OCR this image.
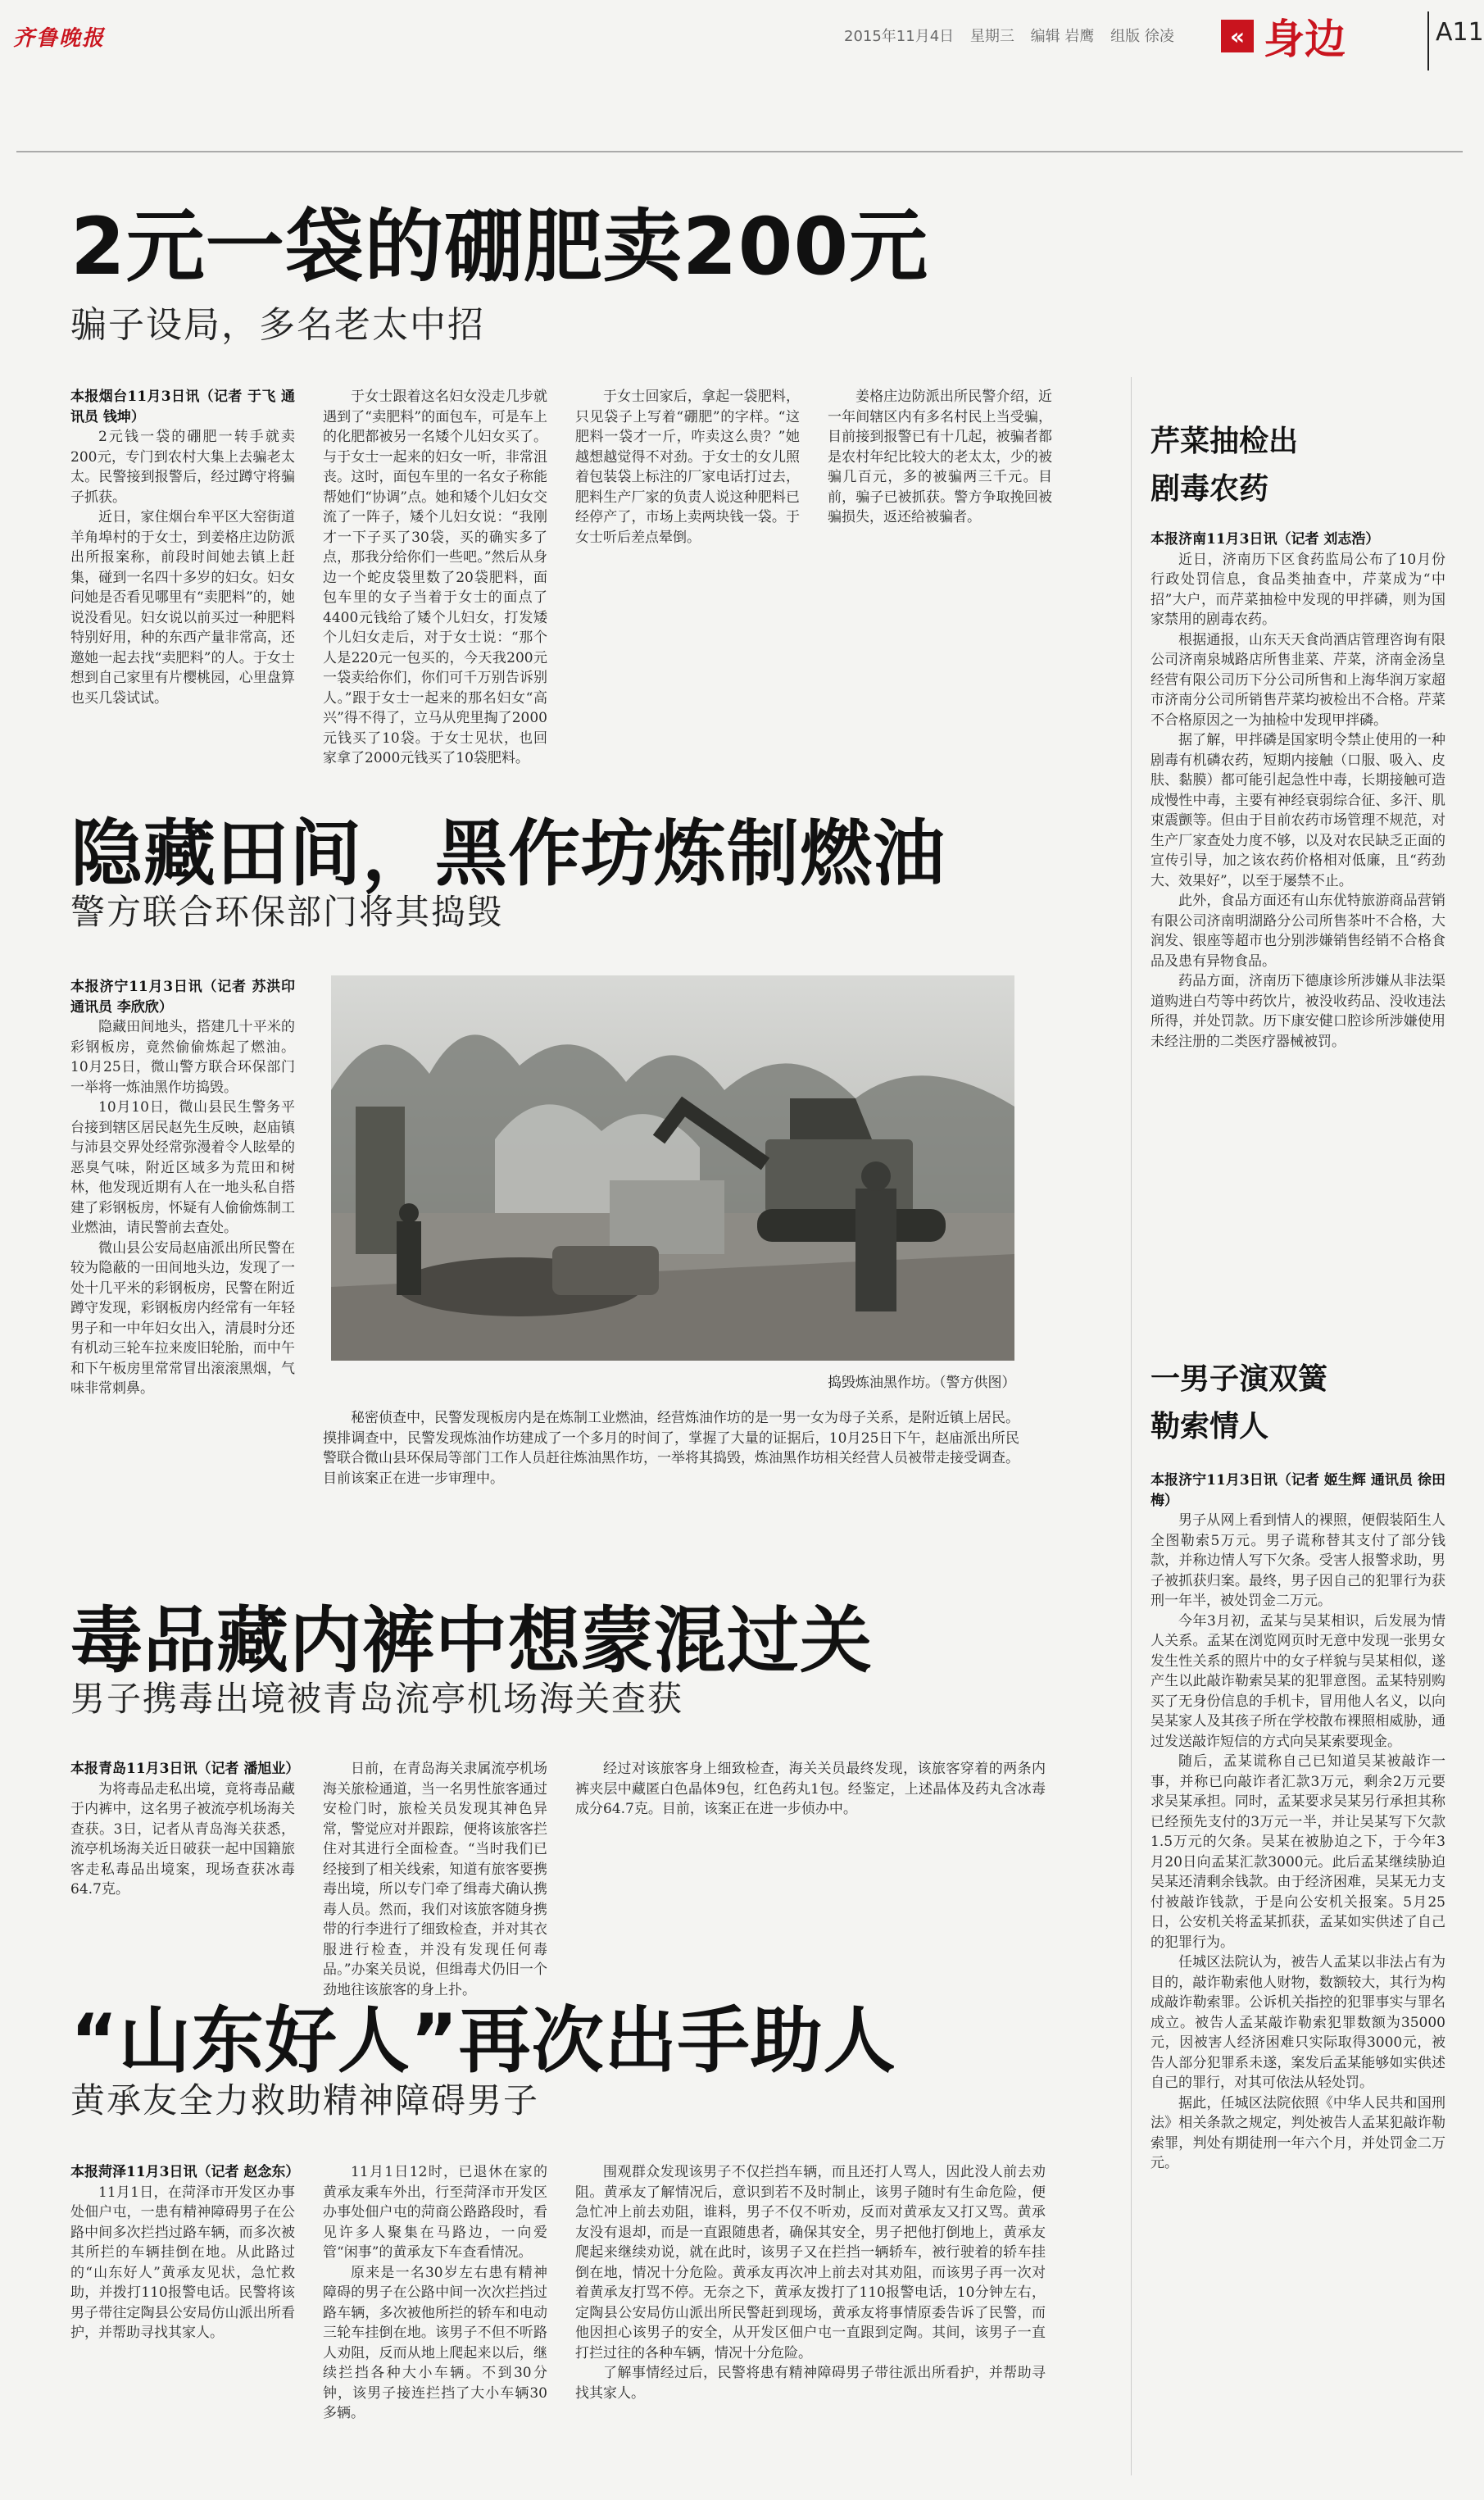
齐鲁晚报	2015年11月4日 星期三 编辑 岩鹰 组版 徐凌	« 身边	A11
2元一袋的硼肥卖200元
骗子设局，多名老太中招

本报烟台11月3日讯（记者 于飞 通讯员 钱坤）

2元钱一袋的硼肥一转手就卖200元，专门到农村大集上去骗老太太。民警接到报警后，经过蹲守将骗子抓获。

近日，家住烟台牟平区大窑街道羊角埠村的于女士，到姜格庄边防派出所报案称，前段时间她去镇上赶集，碰到一名四十多岁的妇女。妇女问她是否看见哪里有“卖肥料”的，她说没看见。妇女说以前买过一种肥料特别好用，种的东西产量非常高，还邀她一起去找“卖肥料”的人。于女士想到自己家里有片樱桃园，心里盘算也买几袋试试。

于女士跟着这名妇女没走几步就遇到了“卖肥料”的面包车，可是车上的化肥都被另一名矮个儿妇女买了。与于女士一起来的妇女一听，非常沮丧。这时，面包车里的一名女子称能帮她们“协调”点。她和矮个儿妇女交流了一阵子，矮个儿妇女说：“我刚才一下子买了30袋，买的确实多了点，那我分给你们一些吧。”然后从身边一个蛇皮袋里数了20袋肥料，面包车里的女子当着于女士的面点了4400元钱给了矮个儿妇女，打发矮个儿妇女走后，对于女士说：“那个人是220元一包买的，今天我200元一袋卖给你们，你们可千万别告诉别人。”跟于女士一起来的那名妇女“高兴”得不得了，立马从兜里掏了2000元钱买了10袋。于女士见状，也回家拿了2000元钱买了10袋肥料。

于女士回家后，拿起一袋肥料，只见袋子上写着“硼肥”的字样。“这肥料一袋才一斤，咋卖这么贵？”她越想越觉得不对劲。于女士的女儿照着包装袋上标注的厂家电话打过去，肥料生产厂家的负责人说这种肥料已经停产了，市场上卖两块钱一袋。于女士听后差点晕倒。

姜格庄边防派出所民警介绍，近一年间辖区内有多名村民上当受骗，目前接到报警已有十几起，被骗者都是农村年纪比较大的老太太，少的被骗几百元，多的被骗两三千元。目前，骗子已被抓获。警方争取挽回被骗损失，返还给被骗者。

隐藏田间，黑作坊炼制燃油
警方联合环保部门将其捣毁

本报济宁11月3日讯（记者 苏洪印 通讯员 李欣欣）

隐藏田间地头，搭建几十平米的彩钢板房，竟然偷偷炼起了燃油。10月25日，微山警方联合环保部门一举将一炼油黑作坊捣毁。

10月10日，微山县民生警务平台接到辖区居民赵先生反映，赵庙镇与沛县交界处经常弥漫着令人眩晕的恶臭气味，附近区域多为荒田和树林，他发现近期有人在一地头私自搭建了彩钢板房，怀疑有人偷偷炼制工业燃油，请民警前去查处。

微山县公安局赵庙派出所民警在较为隐蔽的一田间地头边，发现了一处十几平米的彩钢板房，民警在附近蹲守发现，彩钢板房内经常有一年轻男子和一中年妇女出入，清晨时分还有机动三轮车拉来废旧轮胎，而中午和下午板房里常常冒出滚滚黑烟，气味非常刺鼻。	捣毁炼油黑作坊。（警方供图）

秘密侦查中，民警发现板房内是在炼制工业燃油，经营炼油作坊的是一男一女为母子关系，是附近镇上居民。摸排调查中，民警发现炼油作坊建成了一个多月的时间了，掌握了大量的证据后，10月25日下午，赵庙派出所民警联合微山县环保局等部门工作人员赶往炼油黑作坊，一举将其捣毁，炼油黑作坊相关经营人员被带走接受调查。目前该案正在进一步审理中。

毒品藏内裤中想蒙混过关
男子携毒出境被青岛流亭机场海关查获

本报青岛11月3日讯（记者 潘旭业）

为将毒品走私出境，竟将毒品藏于内裤中，这名男子被流亭机场海关查获。3日，记者从青岛海关获悉，流亭机场海关近日破获一起中国籍旅客走私毒品出境案，现场查获冰毒64.7克。

日前，在青岛海关隶属流亭机场海关旅检通道，当一名男性旅客通过安检门时，旅检关员发现其神色异常，警觉应对并跟踪，便将该旅客拦住对其进行全面检查。“当时我们已经接到了相关线索，知道有旅客要携毒出境，所以专门牵了缉毒犬确认携毒人员。然而，我们对该旅客随身携带的行李进行了细致检查，并对其衣服进行检查，并没有发现任何毒品。”办案关员说，但缉毒犬仍旧一个劲地往该旅客的身上扑。

经过对该旅客身上细致检查，海关关员最终发现，该旅客穿着的两条内裤夹层中藏匿白色晶体9包，红色药丸1包。经鉴定，上述晶体及药丸含冰毒成分64.7克。目前，该案正在进一步侦办中。

“山东好人”再次出手助人
黄承友全力救助精神障碍男子

本报菏泽11月3日讯（记者 赵念东）

11月1日，在菏泽市开发区办事处佃户屯，一患有精神障碍男子在公路中间多次拦挡过路车辆，而多次被其所拦的车辆挂倒在地。从此路过的“山东好人”黄承友见状，急忙救助，并拨打110报警电话。民警将该男子带往定陶县公安局仿山派出所看护，并帮助寻找其家人。

11月1日12时，已退休在家的黄承友乘车外出，行至菏泽市开发区办事处佃户屯的菏商公路路段时，看见许多人聚集在马路边，一向爱管“闲事”的黄承友下车查看情况。

原来是一名30岁左右患有精神障碍的男子在公路中间一次次拦挡过路车辆，多次被他所拦的轿车和电动三轮车挂倒在地。该男子不但不听路人劝阻，反而从地上爬起来以后，继续拦挡各种大小车辆。不到30分钟，该男子接连拦挡了大小车辆30多辆。

围观群众发现该男子不仅拦挡车辆，而且还打人骂人，因此没人前去劝阻。黄承友了解情况后，意识到若不及时制止，该男子随时有生命危险，便急忙冲上前去劝阻，谁料，男子不仅不听劝，反而对黄承友又打又骂。黄承友没有退却，而是一直跟随患者，确保其安全，男子把他打倒地上，黄承友爬起来继续劝说，就在此时，该男子又在拦挡一辆轿车，被行驶着的轿车挂倒在地，情况十分危险。黄承友再次冲上前去对其劝阻，而该男子再一次对着黄承友打骂不停。无奈之下，黄承友拨打了110报警电话，10分钟左右，定陶县公安局仿山派出所民警赶到现场，黄承友将事情原委告诉了民警，而他因担心该男子的安全，从开发区佃户屯一直跟到定陶。其间，该男子一直打拦过往的各种车辆，情况十分危险。

了解事情经过后，民警将患有精神障碍男子带往派出所看护，并帮助寻找其家人。

芹菜抽检出
剧毒农药

本报济南11月3日讯（记者 刘志浩）

近日，济南历下区食药监局公布了10月份行政处罚信息，食品类抽查中，芹菜成为“中招”大户，而芹菜抽检中发现的甲拌磷，则为国家禁用的剧毒农药。

根据通报，山东天天食尚酒店管理咨询有限公司济南泉城路店所售韭菜、芹菜，济南金汤皇经营有限公司历下分公司所售和上海华润万家超市济南分公司所销售芹菜均被检出不合格。芹菜不合格原因之一为抽检中发现甲拌磷。

据了解，甲拌磷是国家明令禁止使用的一种剧毒有机磷农药，短期内接触（口服、吸入、皮肤、黏膜）都可能引起急性中毒，长期接触可造成慢性中毒，主要有神经衰弱综合征、多汗、肌束震颤等。但由于目前农药市场管理不规范，对生产厂家查处力度不够，以及对农民缺乏正面的宣传引导，加之该农药价格相对低廉，且“药劲大、效果好”，以至于屡禁不止。

此外，食品方面还有山东优特旅游商品营销有限公司济南明湖路分公司所售茶叶不合格，大润发、银座等超市也分别涉嫌销售经销不合格食品及患有异物食品。

药品方面，济南历下德康诊所涉嫌从非法渠道购进白芍等中药饮片，被没收药品、没收违法所得，并处罚款。历下康安健口腔诊所涉嫌使用未经注册的二类医疗器械被罚。

一男子演双簧
勒索情人

本报济宁11月3日讯（记者 姬生辉 通讯员 徐田梅）

男子从网上看到情人的裸照，便假装陌生人全图勒索5万元。男子谎称替其支付了部分钱款，并称边情人写下欠条。受害人报警求助，男子被抓获归案。最终，男子因自己的犯罪行为获刑一年半，被处罚金二万元。

今年3月初，孟某与吴某相识，后发展为情人关系。孟某在浏览网页时无意中发现一张男女发生性关系的照片中的女子样貌与吴某相似，遂产生以此敲诈勒索吴某的犯罪意图。孟某特别购买了无身份信息的手机卡，冒用他人名义，以向吴某家人及其孩子所在学校散布裸照相威胁，通过发送敲诈短信的方式向吴某索要现金。

随后，孟某谎称自己已知道吴某被敲诈一事，并称已向敲诈者汇款3万元，剩余2万元要求吴某承担。同时，孟某要求吴某另行承担其称已经预先支付的3万元一半，并让吴某写下欠款1.5万元的欠条。吴某在被胁迫之下，于今年3月20日向孟某汇款3000元。此后孟某继续胁迫吴某还清剩余钱款。由于经济困难，吴某无力支付被敲诈钱款，于是向公安机关报案。5月25日，公安机关将孟某抓获，孟某如实供述了自己的犯罪行为。

任城区法院认为，被告人孟某以非法占有为目的，敲诈勒索他人财物，数额较大，其行为构成敲诈勒索罪。公诉机关指控的犯罪事实与罪名成立。被告人孟某敲诈勒索犯罪数额为35000元，因被害人经济困难只实际取得3000元，被告人部分犯罪系未遂，案发后孟某能够如实供述自己的罪行，对其可依法从轻处罚。

据此，任城区法院依照《中华人民共和国刑法》相关条款之规定，判处被告人孟某犯敲诈勒索罪，判处有期徒刑一年六个月，并处罚金二万元。
